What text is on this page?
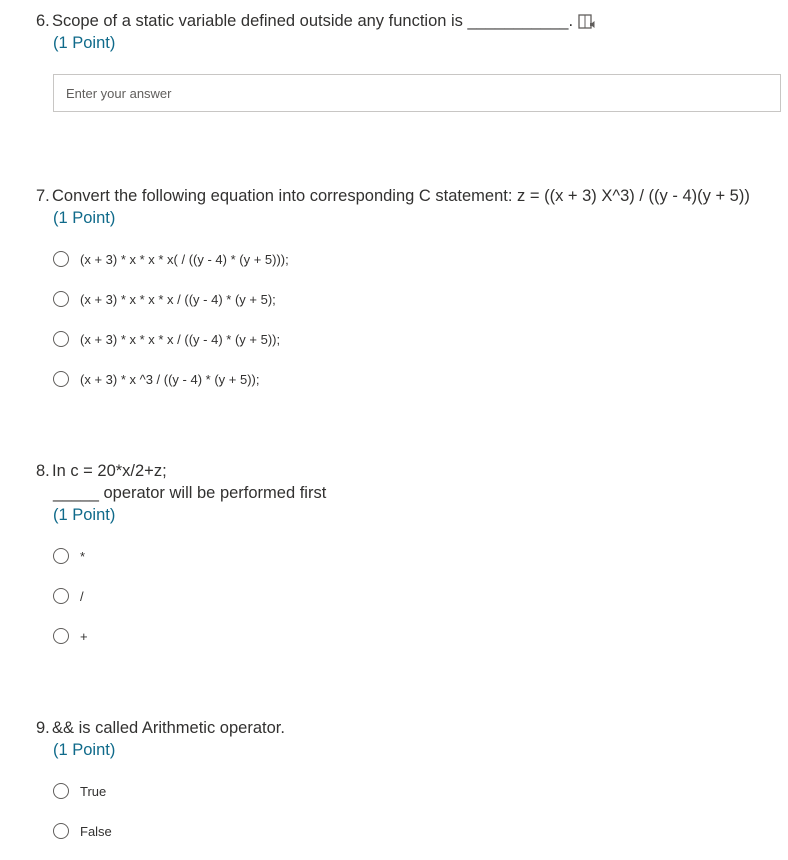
6. Scope of a static variable defined outside any function is ___________.
(1 Point)
Enter your answer
7. Convert the following equation into corresponding C statement: z = ((x + 3) X^3) / ((y - 4)(y + 5))
(1 Point)
(x + 3) * x * x * x( / ((y - 4) * (y + 5)));
(x + 3) * x * x * x / ((y - 4) * (y + 5);
(x + 3) * x * x * x / ((y - 4) * (y + 5));
(x + 3) * x ^3 / ((y - 4) * (y + 5));
8. In c = 20*x/2+z;
_____ operator will be performed first
(1 Point)
*
/
+
9. && is called Arithmetic operator.
(1 Point)
True
False
